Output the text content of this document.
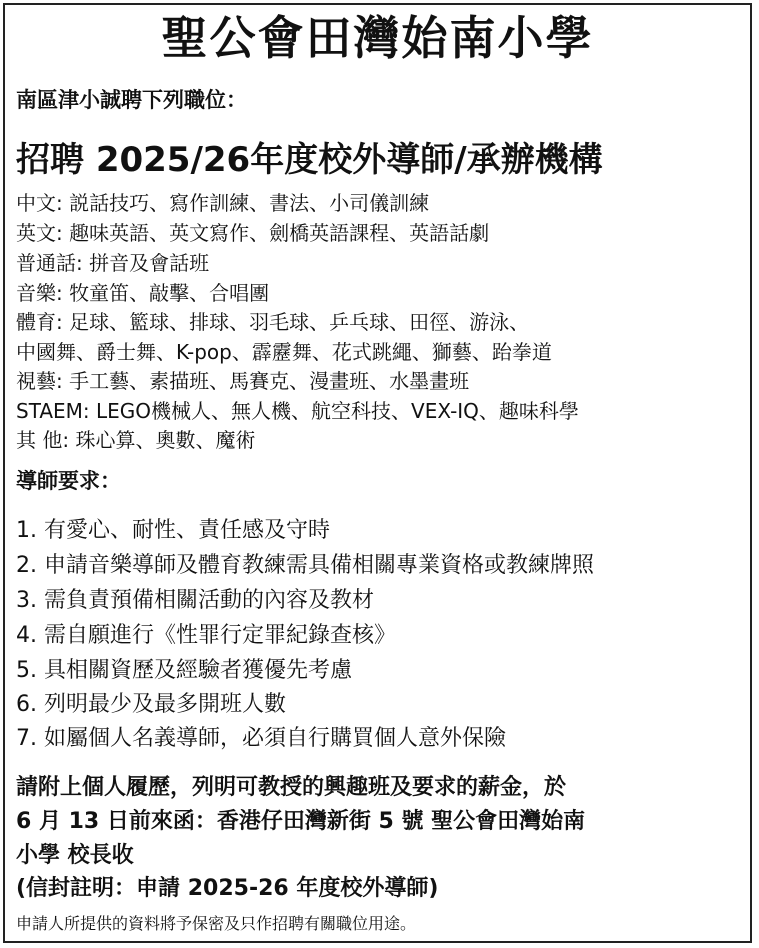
聖公會田灣始南小學
南區津小誠聘下列職位：
招聘 2025/26年度校外導師/承辦機構
中文: 説話技巧、寫作訓練、書法、小司儀訓練
英文: 趣味英語、英文寫作、劍橋英語課程、英語話劇
普通話: 拼音及會話班
音樂: 牧童笛、敲擊、合唱團
體育: 足球、籃球、排球、羽毛球、乒乓球、田徑、游泳、
中國舞、爵士舞、K-pop、霹靂舞、花式跳繩、獅藝、跆拳道
視藝: 手工藝、素描班、馬賽克、漫畫班、水墨畫班
STAEM: LEGO機械人、無人機、航空科技、VEX-IQ、趣味科學
其 他: 珠心算、奧數、魔術
導師要求：
1. 有愛心、耐性、責任感及守時
2. 申請音樂導師及體育教練需具備相關專業資格或教練牌照
3. 需負責預備相關活動的內容及教材
4. 需自願進行《性罪行定罪紀錄查核》
5. 具相關資歷及經驗者獲優先考慮
6. 列明最少及最多開班人數
7. 如屬個人名義導師，必須自行購買個人意外保險
請附上個人履歷，列明可教授的興趣班及要求的薪金，於
6 月 13 日前來函：香港仔田灣新街 5 號 聖公會田灣始南
小學 校長收
(信封註明：申請 2025-26 年度校外導師)
申請人所提供的資料將予保密及只作招聘有關職位用途。
